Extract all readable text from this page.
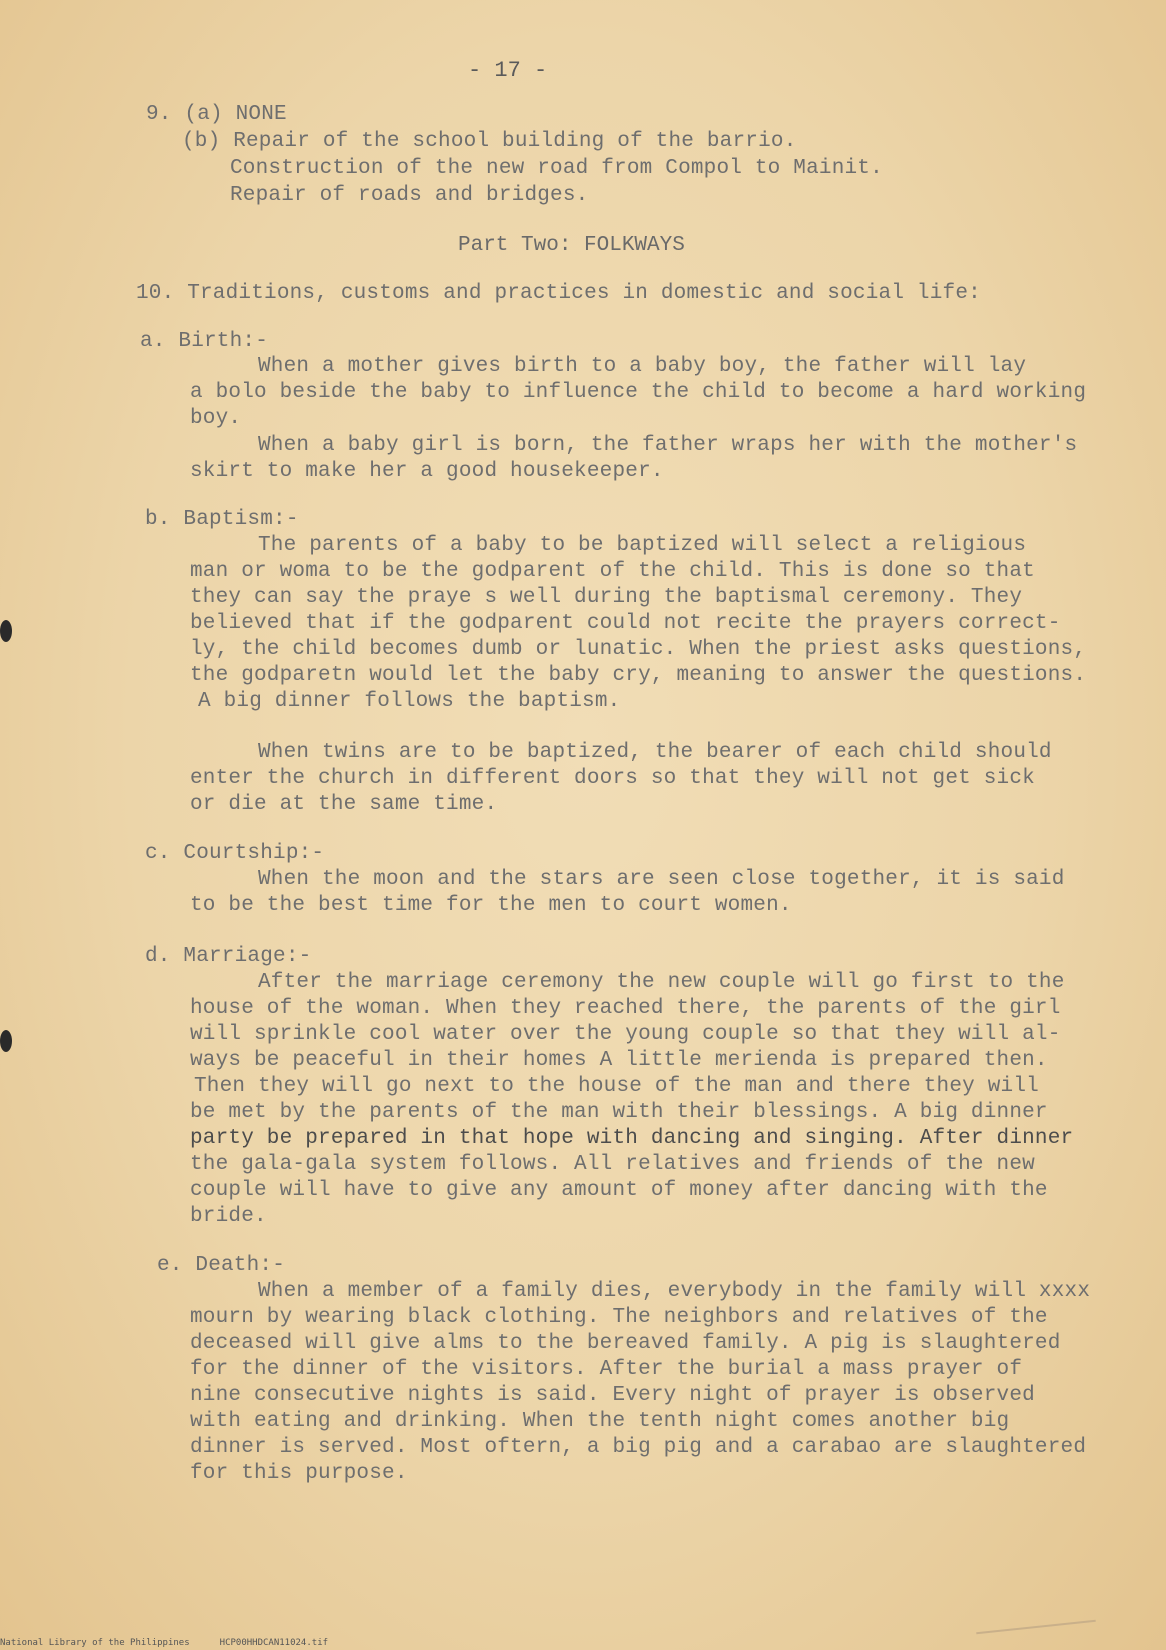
- 17 -
9. (a) NONE
(b) Repair of the school building of the barrio.
Construction of the new road from Compol to Mainit.
Repair of roads and bridges.
Part Two: FOLKWAYS
10. Traditions, customs and practices in domestic and social life:
a. Birth:-
When a mother gives birth to a baby boy, the father will lay
a bolo beside the baby to influence the child to become a hard working
boy.
When a baby girl is born, the father wraps her with the mother's
skirt to make her a good housekeeper.
b. Baptism:-
The parents of a baby to be baptized will select a religious
man or woma to be the godparent of the child. This is done so that
they can say the praye s well during the baptismal ceremony. They
believed that if the godparent could not recite the prayers correct-
ly, the child becomes dumb or lunatic. When the priest asks questions,
the godparetn would let the baby cry, meaning to answer the questions.
A big dinner follows the baptism.
When twins are to be baptized, the bearer of each child should
enter the church in different doors so that they will not get sick
or die at the same time.
c. Courtship:-
When the moon and the stars are seen close together, it is said
to be the best time for the men to court women.
d. Marriage:-
After the marriage ceremony the new couple will go first to the
house of the woman. When they reached there, the parents of the girl
will sprinkle cool water over the young couple so that they will al-
ways be peaceful in their homes A little merienda is prepared then.
Then they will go next to the house of the man and there they will
be met by the parents of the man with their blessings. A big dinner
party be prepared in that hope with dancing and singing. After dinner
the gala-gala system follows. All relatives and friends of the new
couple will have to give any amount of money after dancing with the
bride.
e. Death:-
When a member of a family dies, everybody in the family will xxxx
mourn by wearing black clothing. The neighbors and relatives of the
deceased will give alms to the bereaved family. A pig is slaughtered
for the dinner of the visitors. After the burial a mass prayer of
nine consecutive nights is said. Every night of prayer is observed
with eating and drinking. When the tenth night comes another big
dinner is served. Most oftern, a big pig and a carabao are slaughtered
for this purpose.
National Library of the Philippines	HCP00HHDCAN11024.tif
